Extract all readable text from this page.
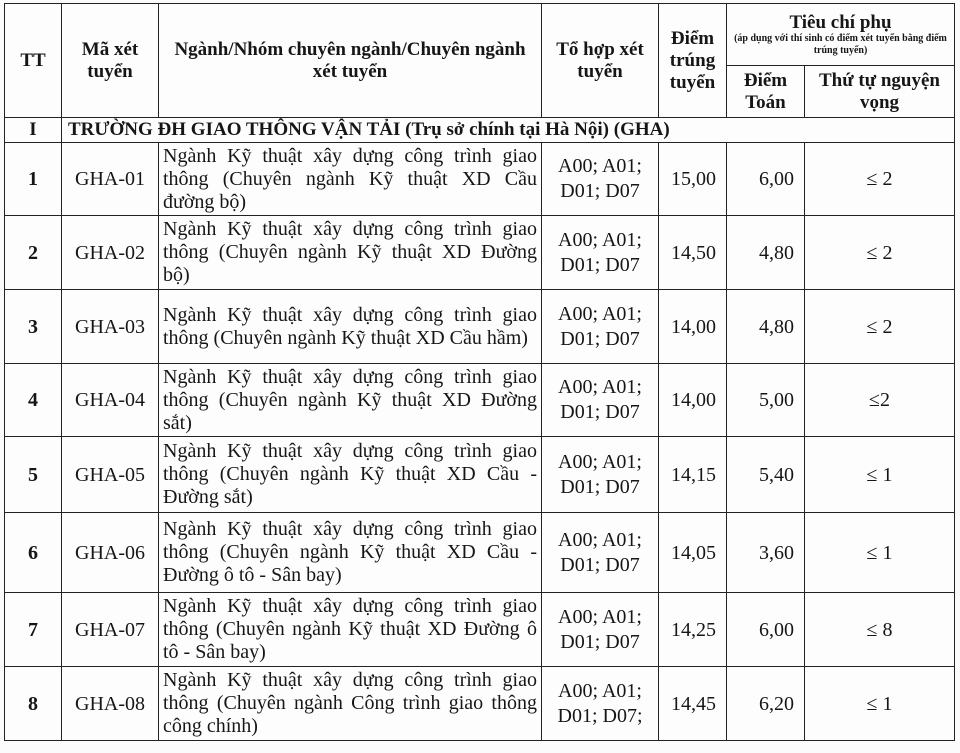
TT	Mã xét tuyển	Ngành/Nhóm chuyên ngành/Chuyên ngành xét tuyển	Tổ hợp xét tuyển	Điểm trúng tuyển	Tiêu chí phụ
(áp dụng với thí sinh có điểm xét tuyển bằng điểm trúng tuyển)	

					Điểm Toán	Thứ tự nguyện vọng
I	TRƯỜNG ĐH GIAO THÔNG VẬN TẢI (Trụ sở chính tại Hà Nội) (GHA)					
1	GHA-01	Ngành Kỹ thuật xây dựng công trình giao thông (Chuyên ngành Kỹ thuật XD Cầu đường bộ)	A00; A01; D01; D07	15,00	6,00	≤ 2
2	GHA-02	Ngành Kỹ thuật xây dựng công trình giao thông (Chuyên ngành Kỹ thuật XD Đường bộ)	A00; A01; D01; D07	14,50	4,80	≤ 2
3	GHA-03	Ngành Kỹ thuật xây dựng công trình giao thông (Chuyên ngành Kỹ thuật XD Cầu hầm)	A00; A01; D01; D07	14,00	4,80	≤ 2
4	GHA-04	Ngành Kỹ thuật xây dựng công trình giao thông (Chuyên ngành Kỹ thuật XD Đường sắt)	A00; A01; D01; D07	14,00	5,00	≤2
5	GHA-05	Ngành Kỹ thuật xây dựng công trình giao thông (Chuyên ngành Kỹ thuật XD Cầu - Đường sắt)	A00; A01; D01; D07	14,15	5,40	≤ 1
6	GHA-06	Ngành Kỹ thuật xây dựng công trình giao thông (Chuyên ngành Kỹ thuật XD Cầu - Đường ô tô - Sân bay)	A00; A01; D01; D07	14,05	3,60	≤ 1
7	GHA-07	Ngành Kỹ thuật xây dựng công trình giao thông (Chuyên ngành Kỹ thuật XD Đường ô tô - Sân bay)	A00; A01; D01; D07	14,25	6,00	≤ 8
8	GHA-08	Ngành Kỹ thuật xây dựng công trình giao thông (Chuyên ngành Công trình giao thông công chính)	A00; A01; D01; D07;	14,45	6,20	≤ 1
